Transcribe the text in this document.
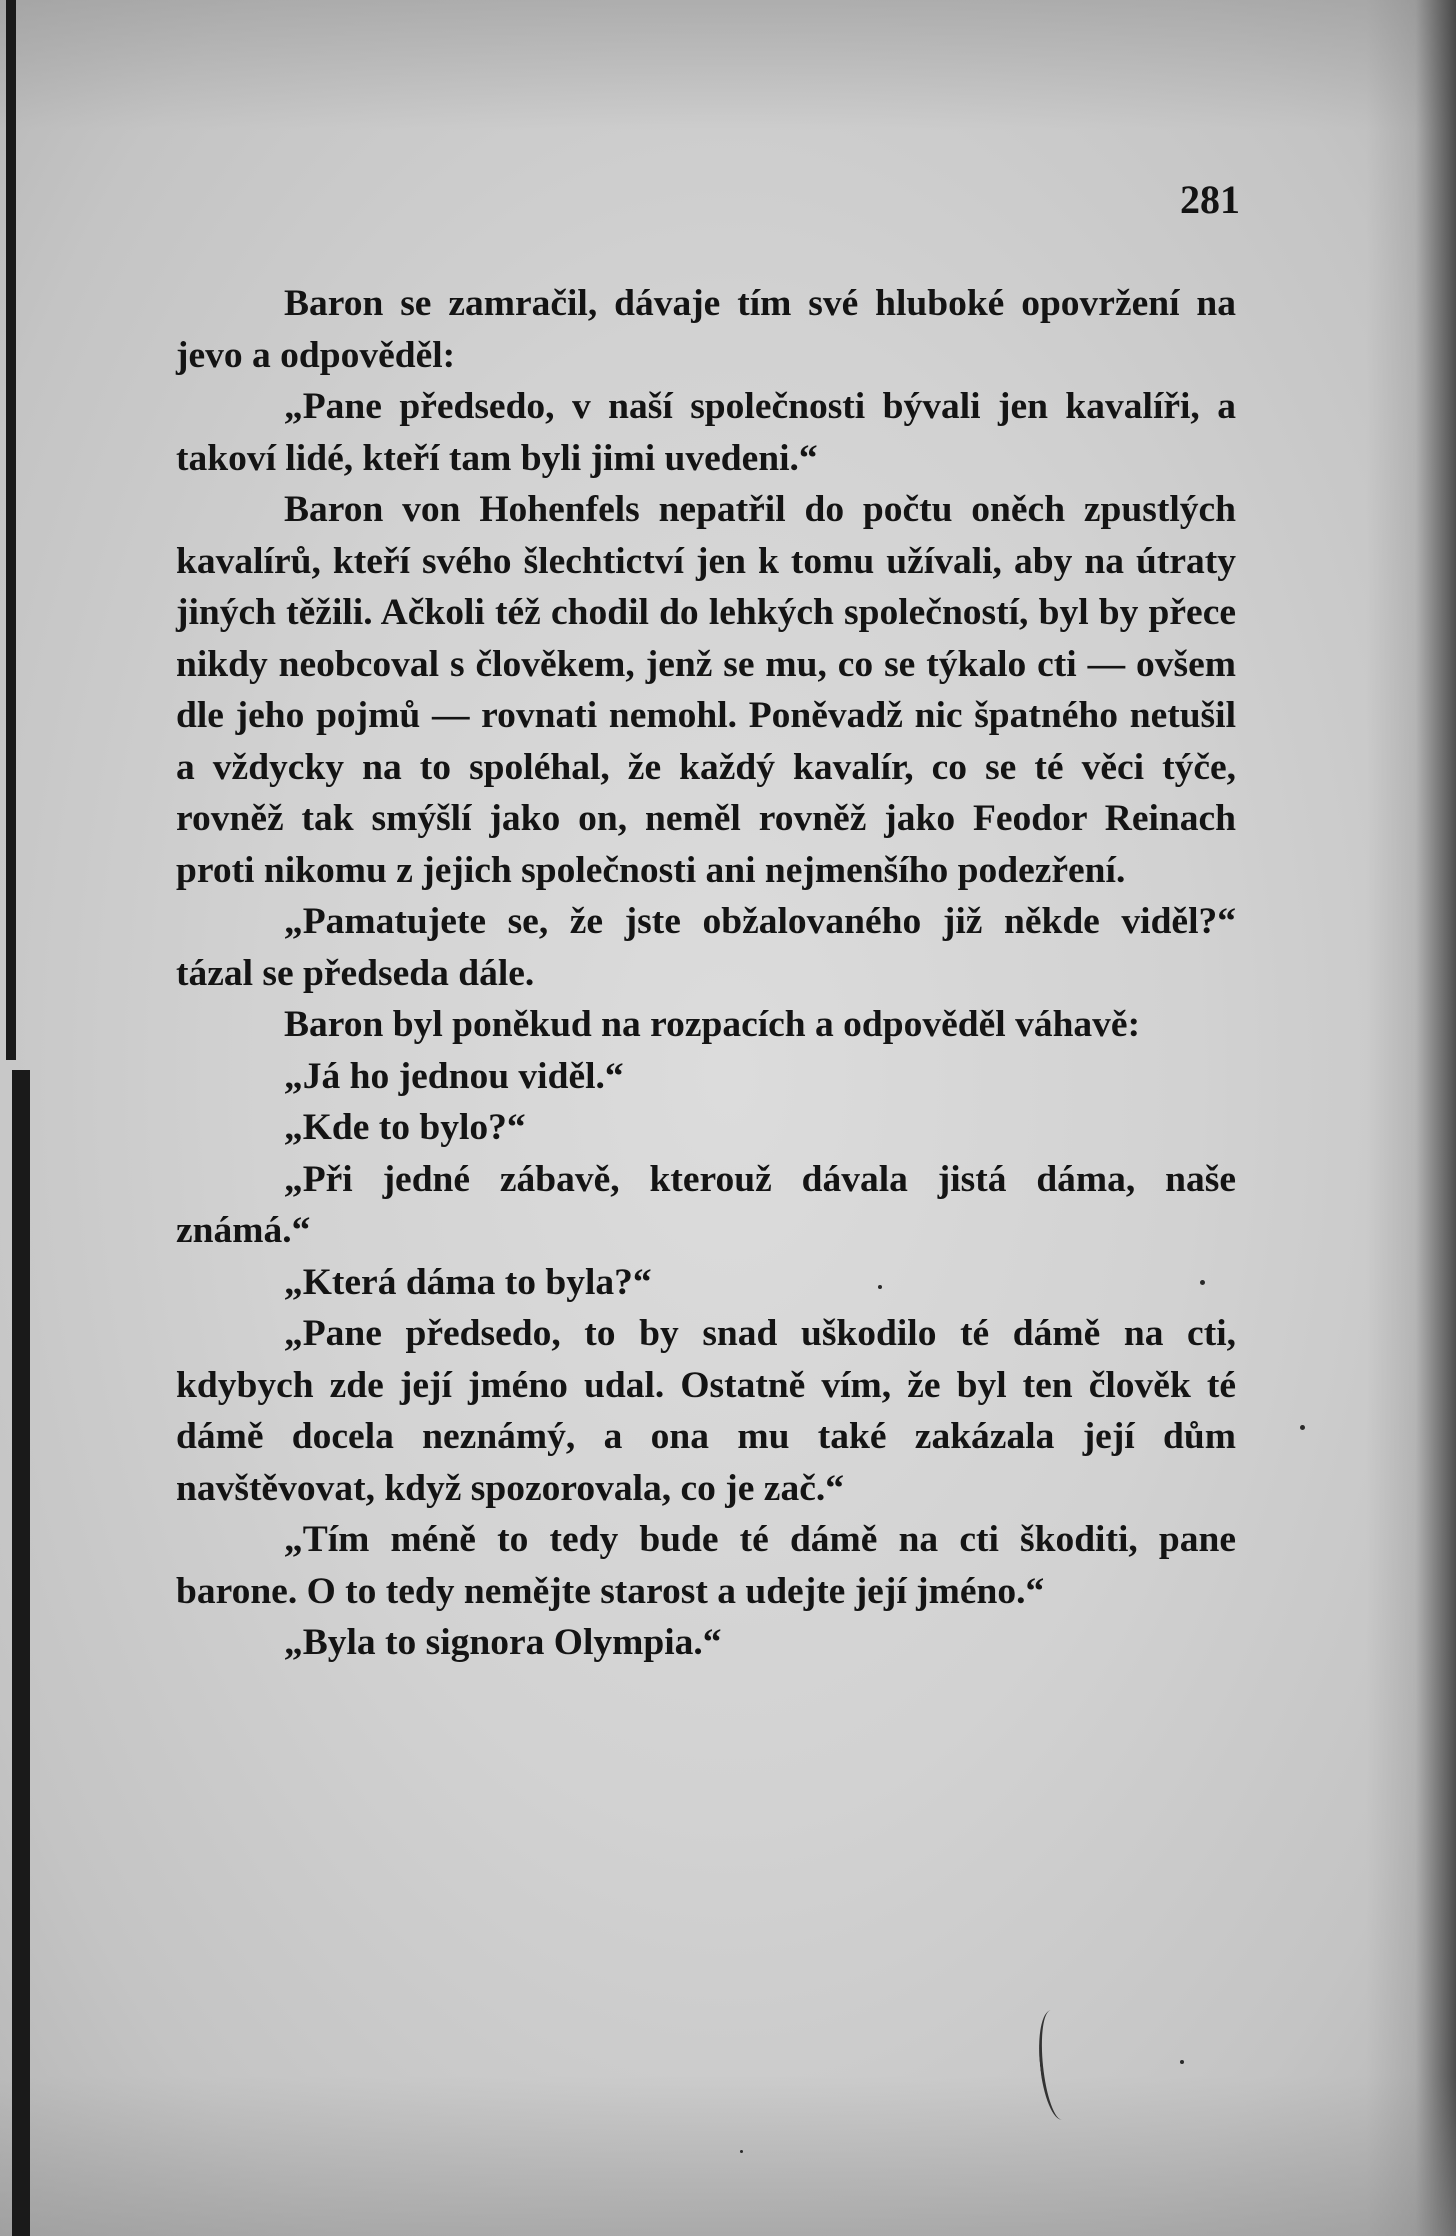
281

Baron se zamračil, dávaje tím své hluboké opovržení na jevo a odpověděl:

„Pane předsedo, v naší společnosti bývali jen kavalíři, a takoví lidé, kteří tam byli jimi uvedeni.“

Baron von Hohenfels nepatřil do počtu oněch zpustlých kavalírů, kteří svého šlechtictví jen k tomu užívali, aby na útraty jiných těžili. Ačkoli též chodil do lehkých společností, byl by přece nikdy neobcoval s člověkem, jenž se mu, co se týkalo cti — ovšem dle jeho pojmů — rovnati nemohl. Poněvadž nic špatného netušil a vždycky na to spoléhal, že každý kavalír, co se té věci týče, rovněž tak smýšlí jako on, neměl rovněž jako Feodor Reinach proti nikomu z jejich společnosti ani nejmenšího podezření.

„Pamatujete se, že jste obžalovaného již někde viděl?“ tázal se předseda dále.

Baron byl poněkud na rozpacích a odpověděl váhavě:

„Já ho jednou viděl.“

„Kde to bylo?“

„Při jedné zábavě, kterouž dávala jistá dáma, naše známá.“

„Která dáma to byla?“

„Pane předsedo, to by snad uškodilo té dámě na cti, kdybych zde její jméno udal. Ostatně vím, že byl ten člověk té dámě docela neznámý, a ona mu také zakázala její dům navštěvovat, když spozorovala, co je zač.“

„Tím méně to tedy bude té dámě na cti škoditi, pane barone. O to tedy nemějte starost a udejte její jméno.“

„Byla to signora Olympia.“
